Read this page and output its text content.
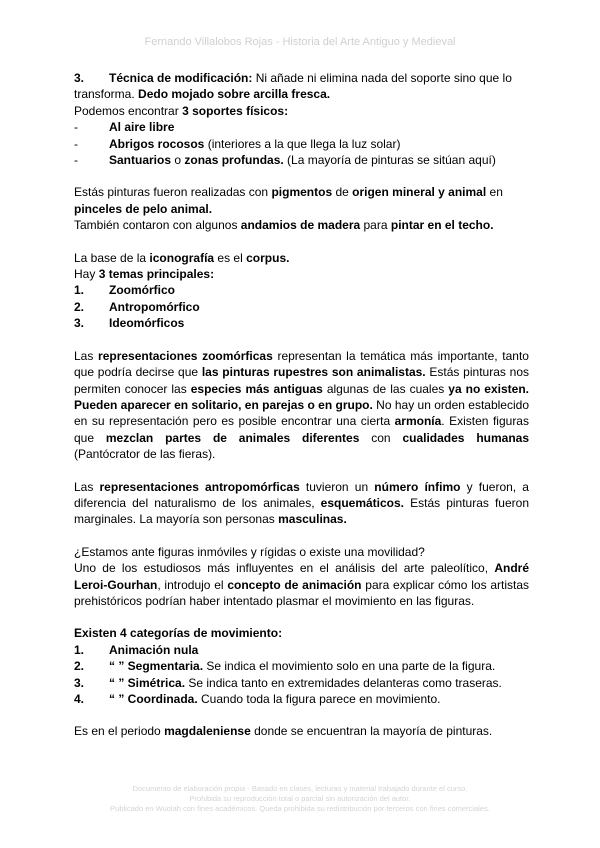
Fernando Villalobos Rojas - Historia del Arte Antiguo y Medieval

3. Técnica de modificación: Ni añade ni elimina nada del soporte sino que lo transforma. Dedo mojado sobre arcilla fresca.

Podemos encontrar 3 soportes físicos:

-	Al aire libre
-	Abrigos rocosos (interiores a la que llega la luz solar)
-	Santuarios o zonas profundas. (La mayoría de pinturas se sitúan aquí)

Estás pinturas fueron realizadas con pigmentos de origen mineral y animal en pinceles de pelo animal.

También contaron con algunos andamios de madera para pintar en el techo.

La base de la iconografía es el corpus.

Hay 3 temas principales:

1.	Zoomórfico
2.	Antropomórfico
3.	Ideomórficos

Las representaciones zoomórficas representan la temática más importante, tanto que podría decirse que las pinturas rupestres son animalistas. Estás pinturas nos permiten conocer las especies más antiguas algunas de las cuales ya no existen. Pueden aparecer en solitario, en parejas o en grupo. No hay un orden establecido en su representación pero es posible encontrar una cierta armonía. Existen figuras que mezclan partes de animales diferentes con cualidades humanas (Pantócrator de las fieras).

Las representaciones antropomórficas tuvieron un número ínfimo y fueron, a diferencia del naturalismo de los animales, esquemáticos. Estás pinturas fueron marginales. La mayoría son personas masculinas.

¿Estamos ante figuras inmóviles y rígidas o existe una movilidad?

Uno de los estudiosos más influyentes en el análisis del arte paleolítico, André Leroi-Gourhan, introdujo el concepto de animación para explicar cómo los artistas prehistóricos podrían haber intentado plasmar el movimiento en las figuras.

Existen 4 categorías de movimiento:

1.	Animación nula
2.	“ ” Segmentaria. Se indica el movimiento solo en una parte de la figura.
3.	“ ” Simétrica. Se indica tanto en extremidades delanteras como traseras.
4.	“ ” Coordinada. Cuando toda la figura parece en movimiento.

Es en el periodo magdaleniense donde se encuentran la mayoría de pinturas.

Documento de elaboración propia - Basado en clases, lecturas y material trabajado durante el curso.
Prohibida su reproducción total o parcial sin autorización del autor.
Publicado en Wuolah con fines académicos. Queda prohibida su redistribución por terceros con fines comerciales.
